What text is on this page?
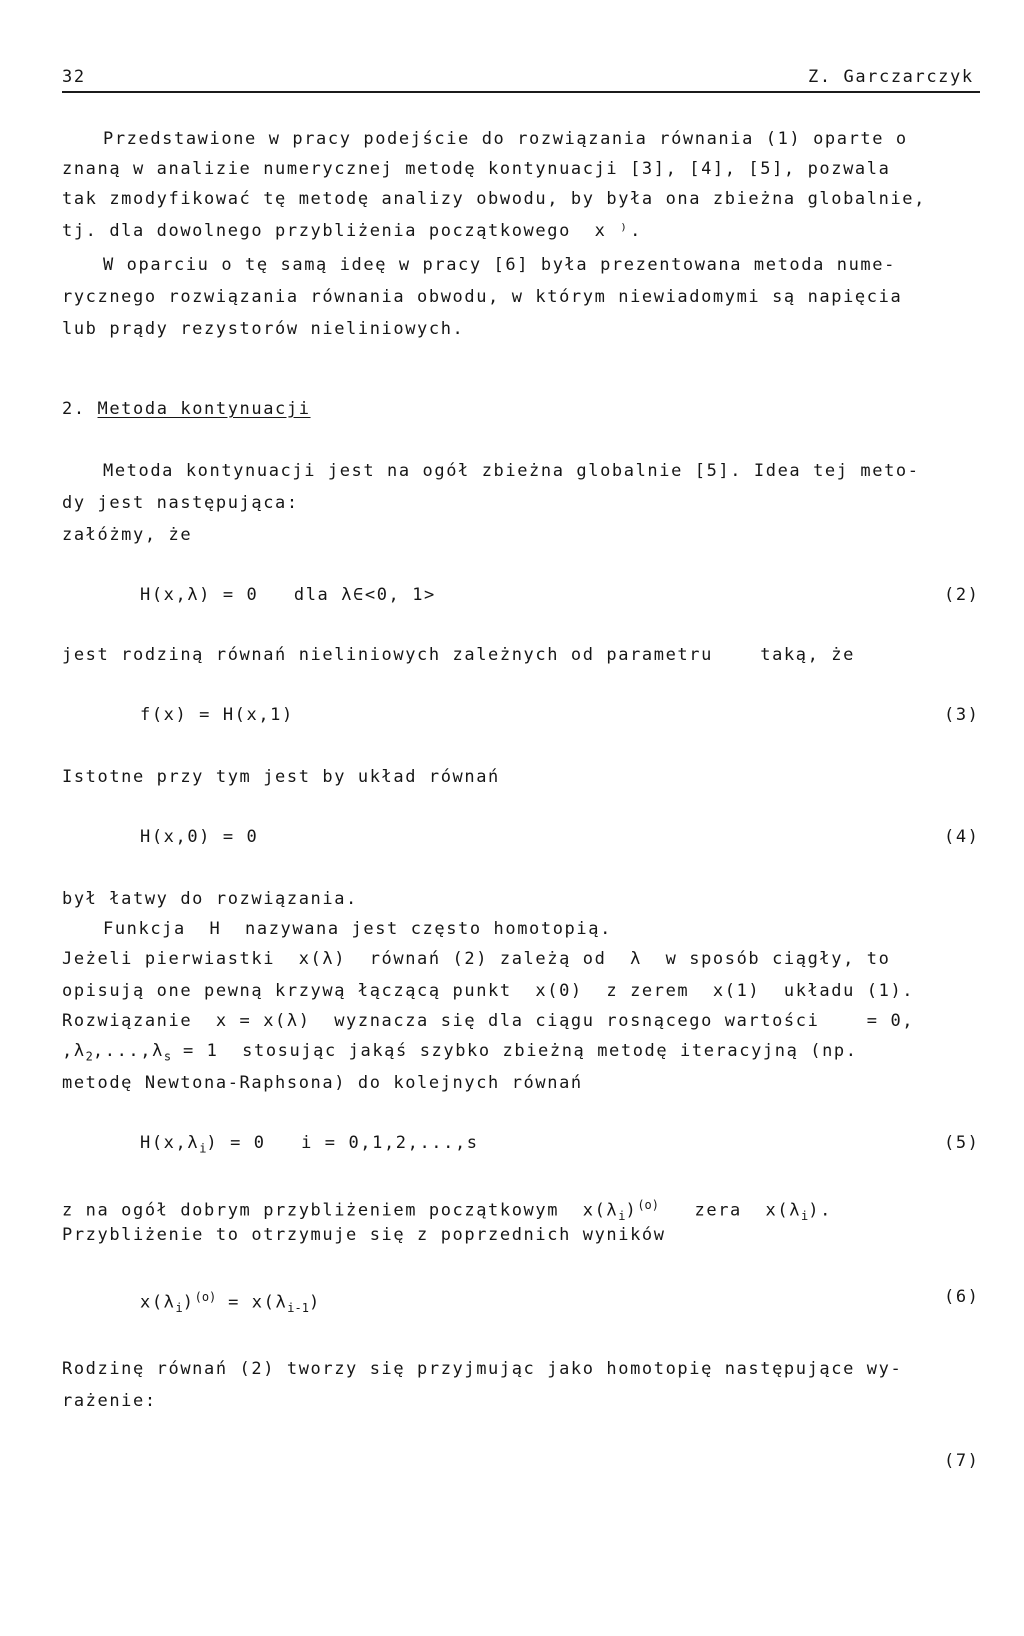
32	Z. Garczarczyk
Przedstawione w pracy podejście do rozwiązania równania (1) oparte o
znaną w analizie numerycznej metodę kontynuacji [3], [4], [5], pozwala
tak zmodyfikować tę metodę analizy obwodu, by była ona zbieżna globalnie,
tj. dla dowolnego przybliżenia początkowego  x ⁾.
W oparciu o tę samą ideę w pracy [6] była prezentowana metoda nume-
rycznego rozwiązania równania obwodu, w którym niewiadomymi są napięcia
lub prądy rezystorów nieliniowych.
2. Metoda kontynuacji
Metoda kontynuacji jest na ogół zbieżna globalnie [5]. Idea tej meto-
dy jest następująca:
załóżmy, że
H(x,λ) = 0   dla λ∈<0, 1>	(2)
jest rodziną równań nieliniowych zależnych od parametru    taką, że
f(x) = H(x,1)	(3)
Istotne przy tym jest by układ równań
H(x,0) = 0	(4)
był łatwy do rozwiązania.
Funkcja  H  nazywana jest często homotopią.
Jeżeli pierwiastki  x(λ)  równań (2) zależą od  λ  w sposób ciągły, to
opisują one pewną krzywą łączącą punkt  x(0)  z zerem  x(1)  układu (1).
Rozwiązanie  x = x(λ)  wyznacza się dla ciągu rosnącego wartości    = 0,
$,\lambda_2,...,\lambda_s = 1$  stosując jakąś szybko zbieżną metodę iteracyjną (np.
metodę Newtona-Raphsona) do kolejnych równań
$H(x,\lambda_i) = 0$   i = 0,1,2,...,s	(5)
z na ogół dobrym przybliżeniem początkowym  $x(\lambda_i)^{(o)}$   zera  $x(\lambda_i)$.
Przybliżenie to otrzymuje się z poprzednich wyników
$x(\lambda_i)^{(o)} = x(\lambda_{i-1})$	(6)
Rodzinę równań (2) tworzy się przyjmując jako homotopię następujące wy-
rażenie:
(7)
